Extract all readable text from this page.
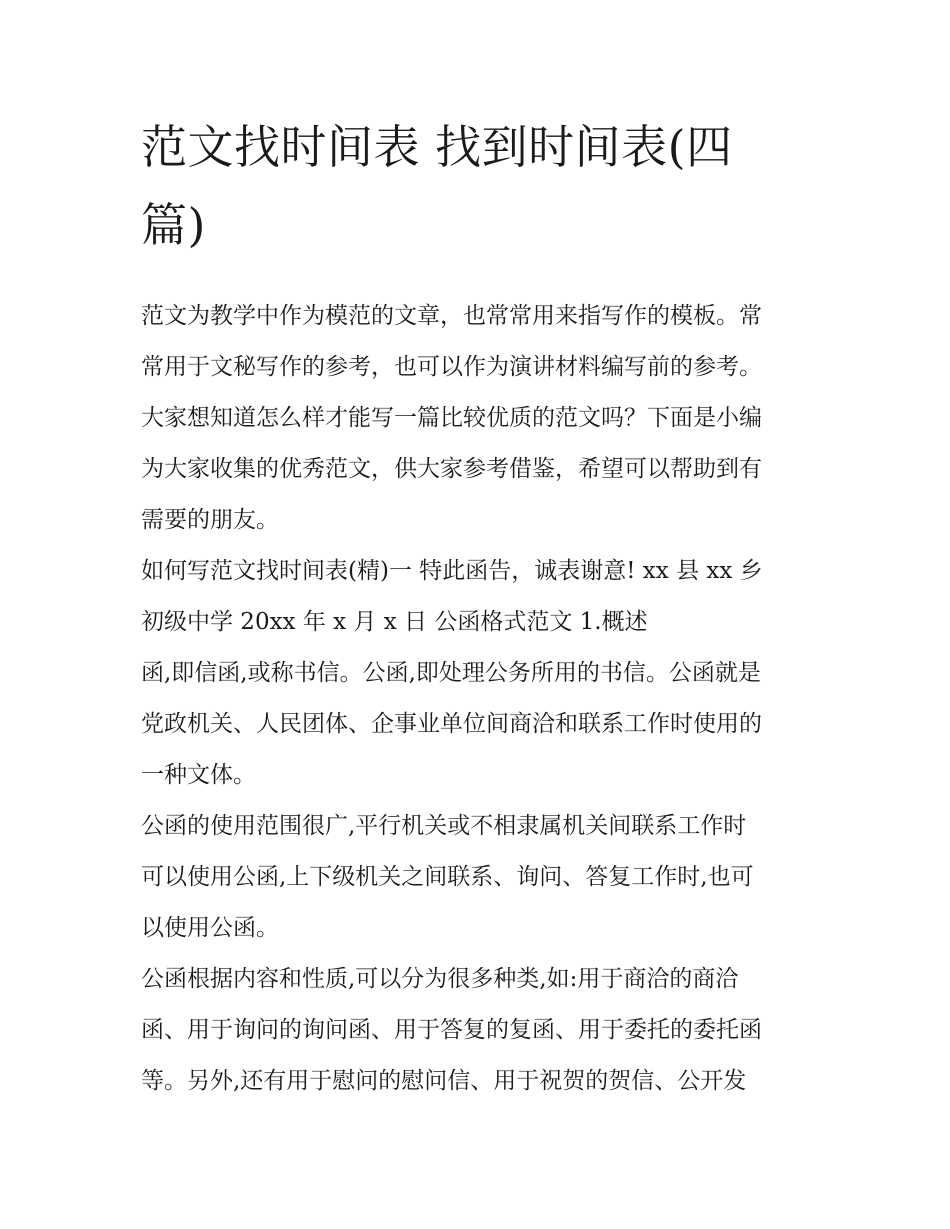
范文找时间表 找到时间表(四
篇)

范文为教学中作为模范的文章，也常常用来指写作的模板。常
常用于文秘写作的参考，也可以作为演讲材料编写前的参考。
大家想知道怎么样才能写一篇比较优质的范文吗？下面是小编
为大家收集的优秀范文，供大家参考借鉴，希望可以帮助到有
需要的朋友。

如何写范文找时间表(精)一 特此函告，诚表谢意! xx 县 xx 乡
初级中学 20xx 年 x 月 x 日 公函格式范文 1.概述
函,即信函,或称书信。公函,即处理公务所用的书信。公函就是
党政机关、人民团体、企事业单位间商洽和联系工作时使用的
一种文体。

公函的使用范围很广,平行机关或不相隶属机关间联系工作时
可以使用公函,上下级机关之间联系、询问、答复工作时,也可
以使用公函。

公函根据内容和性质,可以分为很多种类,如:用于商洽的商洽
函、用于询问的询问函、用于答复的复函、用于委托的委托函
等。另外,还有用于慰问的慰问信、用于祝贺的贺信、公开发
